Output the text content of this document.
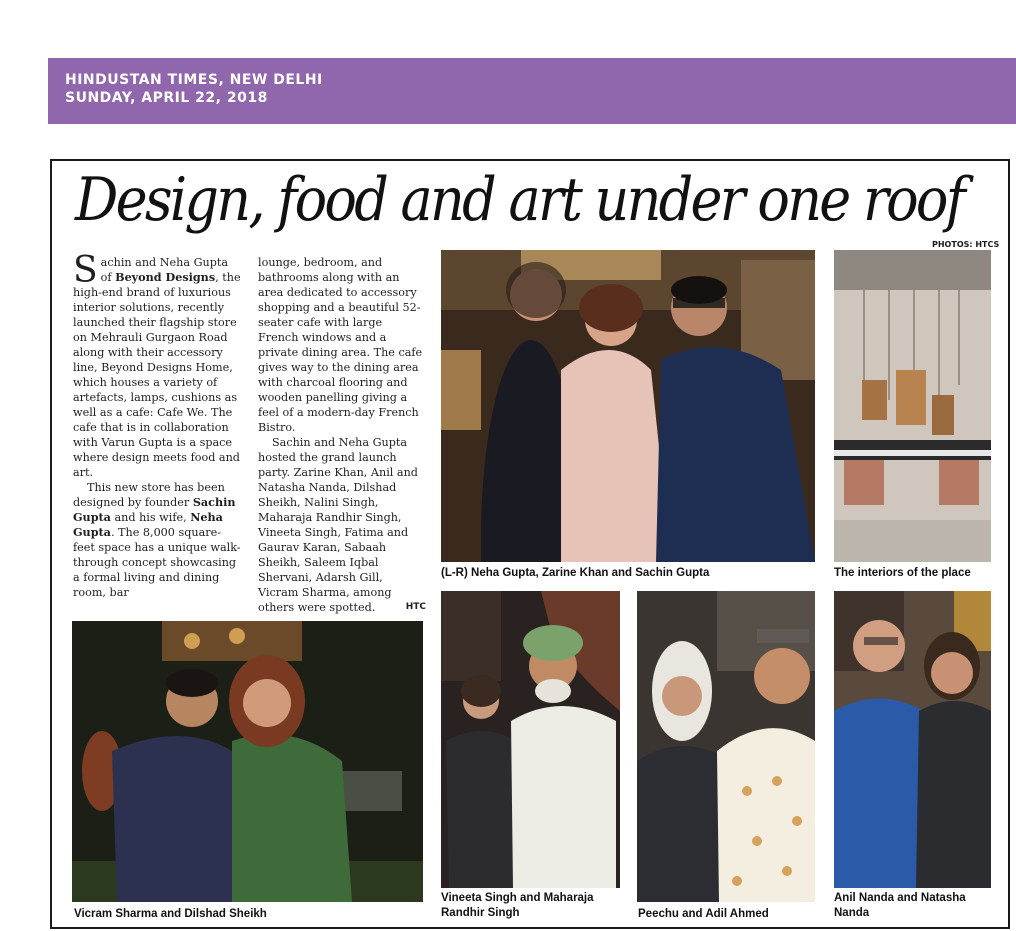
HINDUSTAN TIMES, NEW DELHI
SUNDAY, APRIL 22, 2018
Design, food and art under one roof
PHOTOS: HTCS

Sachin and Neha Gupta of Beyond Designs, the high-end brand of luxurious interior solutions, recently launched their flagship store on Mehrauli Gurgaon Road along with their accessory line, Beyond Designs Home, which houses a variety of artefacts, lamps, cushions as well as a cafe: Cafe We. The cafe that is in collaboration with Varun Gupta is a space where design meets food and art.

This new store has been designed by founder Sachin Gupta and his wife, Neha Gupta. The 8,000 square-feet space has a unique walk-through concept showcasing a formal living and dining room, bar

lounge, bedroom, and bathrooms along with an area dedicated to accessory shopping and a beautiful 52-seater cafe with large French windows and a private dining area. The cafe gives way to the dining area with charcoal flooring and wooden panelling giving a feel of a modern-day French Bistro.

Sachin and Neha Gupta hosted the grand launch party. Zarine Khan, Anil and Natasha Nanda, Dilshad Sheikh, Nalini Singh, Maharaja Randhir Singh, Vineeta Singh, Fatima and Gaurav Karan, Sabaah Sheikh, Saleem Iqbal Shervani, Adarsh Gill, Vicram Sharma, among others were spotted.	HTC

(L-R) Neha Gupta, Zarine Khan and Sachin Gupta	The interiors of the place
Vicram Sharma and Dilshad Sheikh
Vineeta Singh and Maharaja Randhir Singh	Peechu and Adil Ahmed
Anil Nanda and Natasha Nanda
